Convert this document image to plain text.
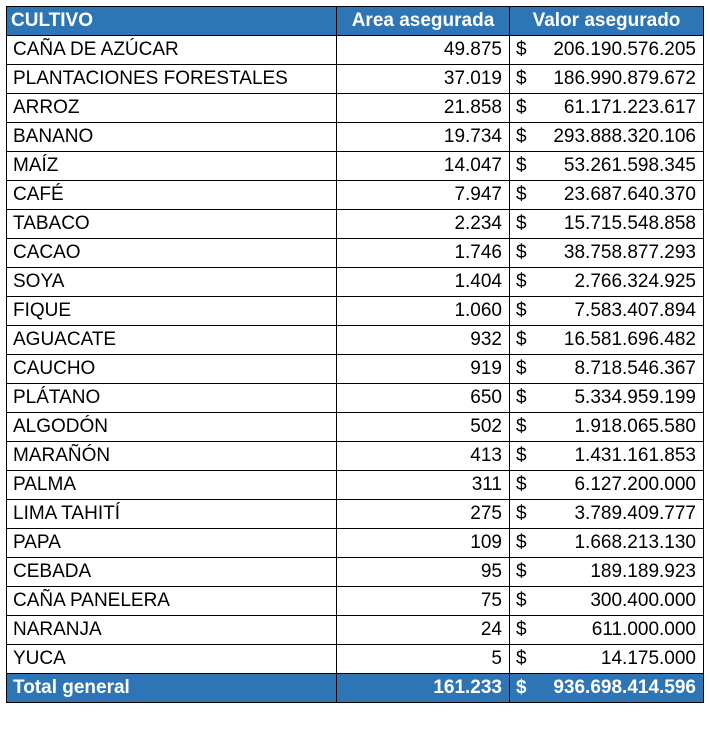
CULTIVO	Area asegurada	Valor asegurado	
CAÑA DE AZÚCAR	49.875	$	206.190.576.205
PLANTACIONES FORESTALES	37.019	$	186.990.879.672
ARROZ	21.858	$	61.171.223.617
BANANO	19.734	$	293.888.320.106
MAÍZ	14.047	$	53.261.598.345
CAFÉ	7.947	$	23.687.640.370
TABACO	2.234	$	15.715.548.858
CACAO	1.746	$	38.758.877.293
SOYA	1.404	$	2.766.324.925
FIQUE	1.060	$	7.583.407.894
AGUACATE	932	$	16.581.696.482
CAUCHO	919	$	8.718.546.367
PLÁTANO	650	$	5.334.959.199
ALGODÓN	502	$	1.918.065.580
MARAÑÓN	413	$	1.431.161.853
PALMA	311	$	6.127.200.000
LIMA TAHITÍ	275	$	3.789.409.777
PAPA	109	$	1.668.213.130
CEBADA	95	$	189.189.923
CAÑA PANELERA	75	$	300.400.000
NARANJA	24	$	611.000.000
YUCA	5	$	14.175.000
Total general	161.233	$	936.698.414.596
